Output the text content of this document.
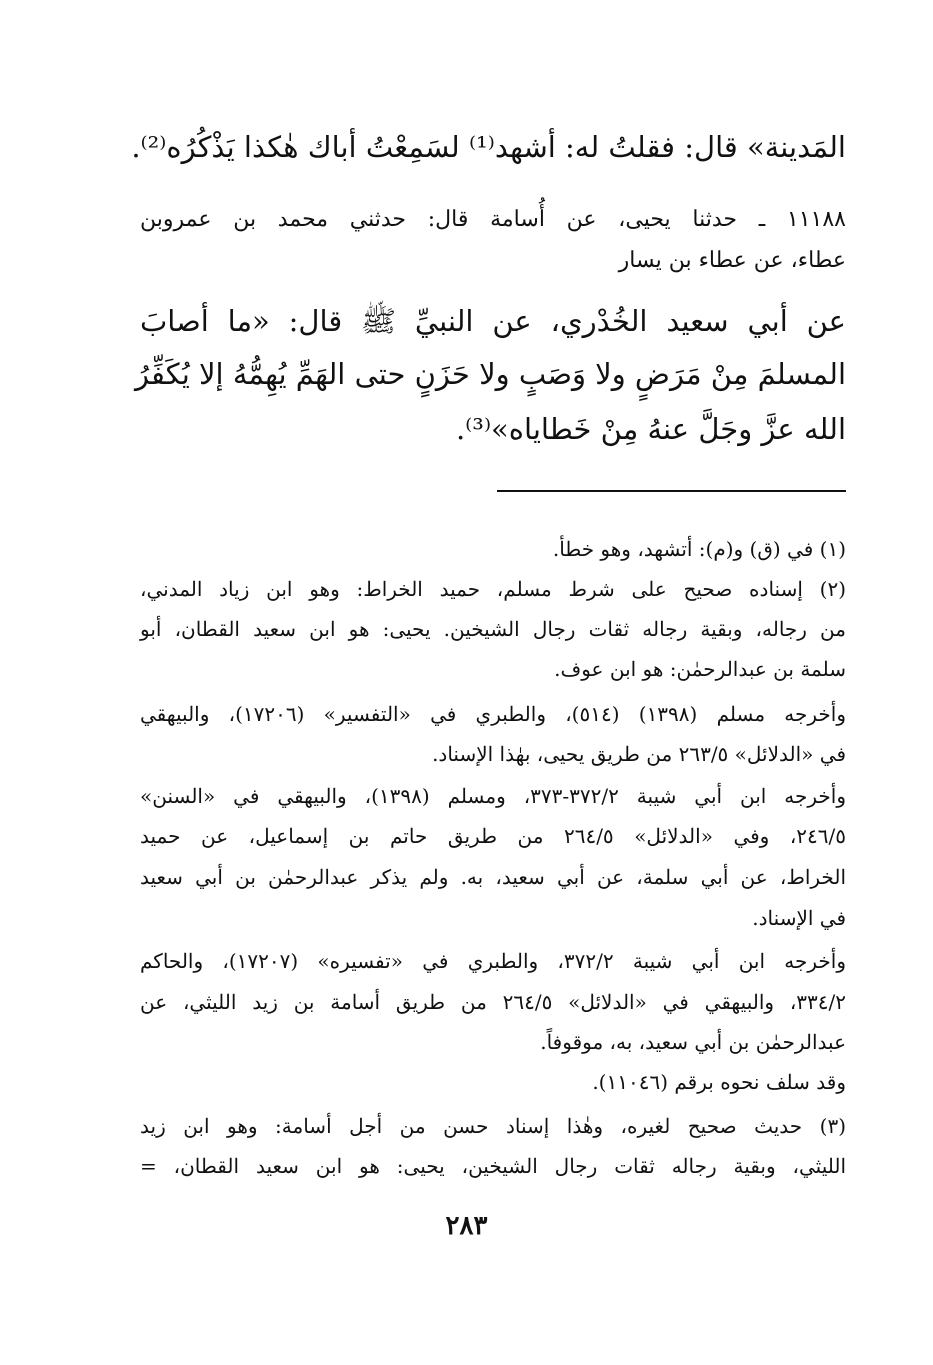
المَدينة» قال: فقلتُ له: أشهد⁽¹⁾ لسَمِعْتُ أباك هٰكذا يَذْكُرُه⁽²⁾.
١١١٨٨ ـ حدثنا يحيى، عن أُسامة قال: حدثني محمد بن عمروبن
عطاء، عن عطاء بن يسار
عن أبي سعيد الخُدْري، عن النبيِّ ﷺ قال: «ما أصابَ
المسلمَ مِنْ مَرَضٍ ولا وَصَبٍ ولا حَزَنٍ حتى الهَمِّ يُهِمُّهُ إلا يُكَفِّرُ
الله عزَّ وجَلَّ عنهُ مِنْ خَطاياه»⁽³⁾.
(١) في (ق) و(م): أتشهد، وهو خطأ.
(٢) إسناده صحيح على شرط مسلم، حميد الخراط: وهو ابن زياد المدني،
من رجاله، وبقية رجاله ثقات رجال الشيخين. يحيى: هو ابن سعيد القطان، أبو
سلمة بن عبدالرحمٰن: هو ابن عوف.
وأخرجه مسلم (١٣٩٨) (٥١٤)، والطبري في «التفسير» (١٧٢٠٦)، والبيهقي
في «الدلائل» ٢٦٣/٥ من طريق يحيى، بهٰذا الإسناد.
وأخرجه ابن أبي شيبة ٣٧٢/٢-٣٧٣، ومسلم (١٣٩٨)، والبيهقي في «السنن»
٢٤٦/٥، وفي «الدلائل» ٢٦٤/٥ من طريق حاتم بن إسماعيل، عن حميد
الخراط، عن أبي سلمة، عن أبي سعيد، به. ولم يذكر عبدالرحمٰن بن أبي سعيد
في الإسناد.
وأخرجه ابن أبي شيبة ٣٧٢/٢، والطبري في «تفسيره» (١٧٢٠٧)، والحاكم
٣٣٤/٢، والبيهقي في «الدلائل» ٢٦٤/٥ من طريق أسامة بن زيد الليثي، عن
عبدالرحمٰن بن أبي سعيد، به، موقوفاً.
وقد سلف نحوه برقم (١١٠٤٦).
(٣) حديث صحيح لغيره، وهٰذا إسناد حسن من أجل أسامة: وهو ابن زيد
الليثي، وبقية رجاله ثقات رجال الشيخين، يحيى: هو ابن سعيد القطان، =
٢٨٣
